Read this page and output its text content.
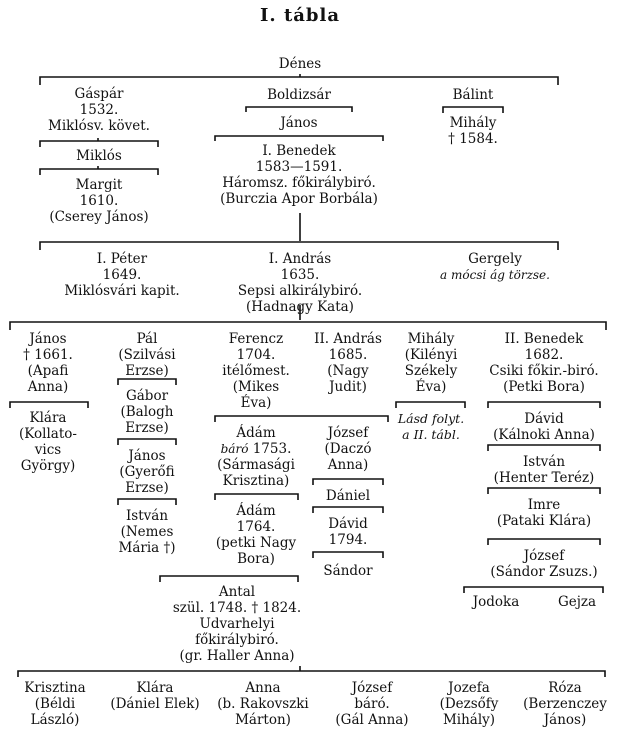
I. tábla
Dénes
Gáspár
1532.
Miklósv. követ.
Miklós
Margit
1610.
(Cserey János)
Boldizsár
János
I. Benedek
1583—1591.
Háromsz. főkirálybiró.
(Burczia Apor Borbála)
Bálint
Mihály
† 1584.
I. Péter
1649.
Miklósvári kapit.
I. András
1635.
Sepsi alkirálybiró.
(Hadnagy Kata)
Gergely
a mócsi ág törzse.
János
† 1661.
(Apafi
Anna)
Klára
(Kollato-
vics
György)
Pál
(Szilvási
Erzse)
Gábor
(Balogh
Erzse)
János
(Gyerőfi
Erzse)
István
(Nemes
Mária †)
Ferencz
1704.
itélőmest.
(Mikes
Éva)
Ádám
báró 1753.
(Sármasági
Krisztina)
Ádám
1764.
(petki Nagy
Bora)
Antal
szül. 1748. † 1824.
Udvarhelyi
főkirálybiró.
(gr. Haller Anna)
II. András
1685.
(Nagy
Judit)
József
(Daczó
Anna)
Dániel
Dávid
1794.
Sándor
Mihály
(Kilényi
Székely
Éva)
Lásd folyt.
a II. tábl.
II. Benedek
1682.
Csiki főkir.-biró.
(Petki Bora)
Dávid
(Kálnoki Anna)
István
(Henter Teréz)
Imre
(Pataki Klára)
József
(Sándor Zsuzs.)
Jodoka	Gejza
Krisztina
(Béldi
László)
Klára
(Dániel Elek)
Anna
(b. Rakovszki
Márton)
József
báró.
(Gál Anna)
Jozefa
(Dezsőfy
Mihály)
Róza
(Berzenczey
János)
